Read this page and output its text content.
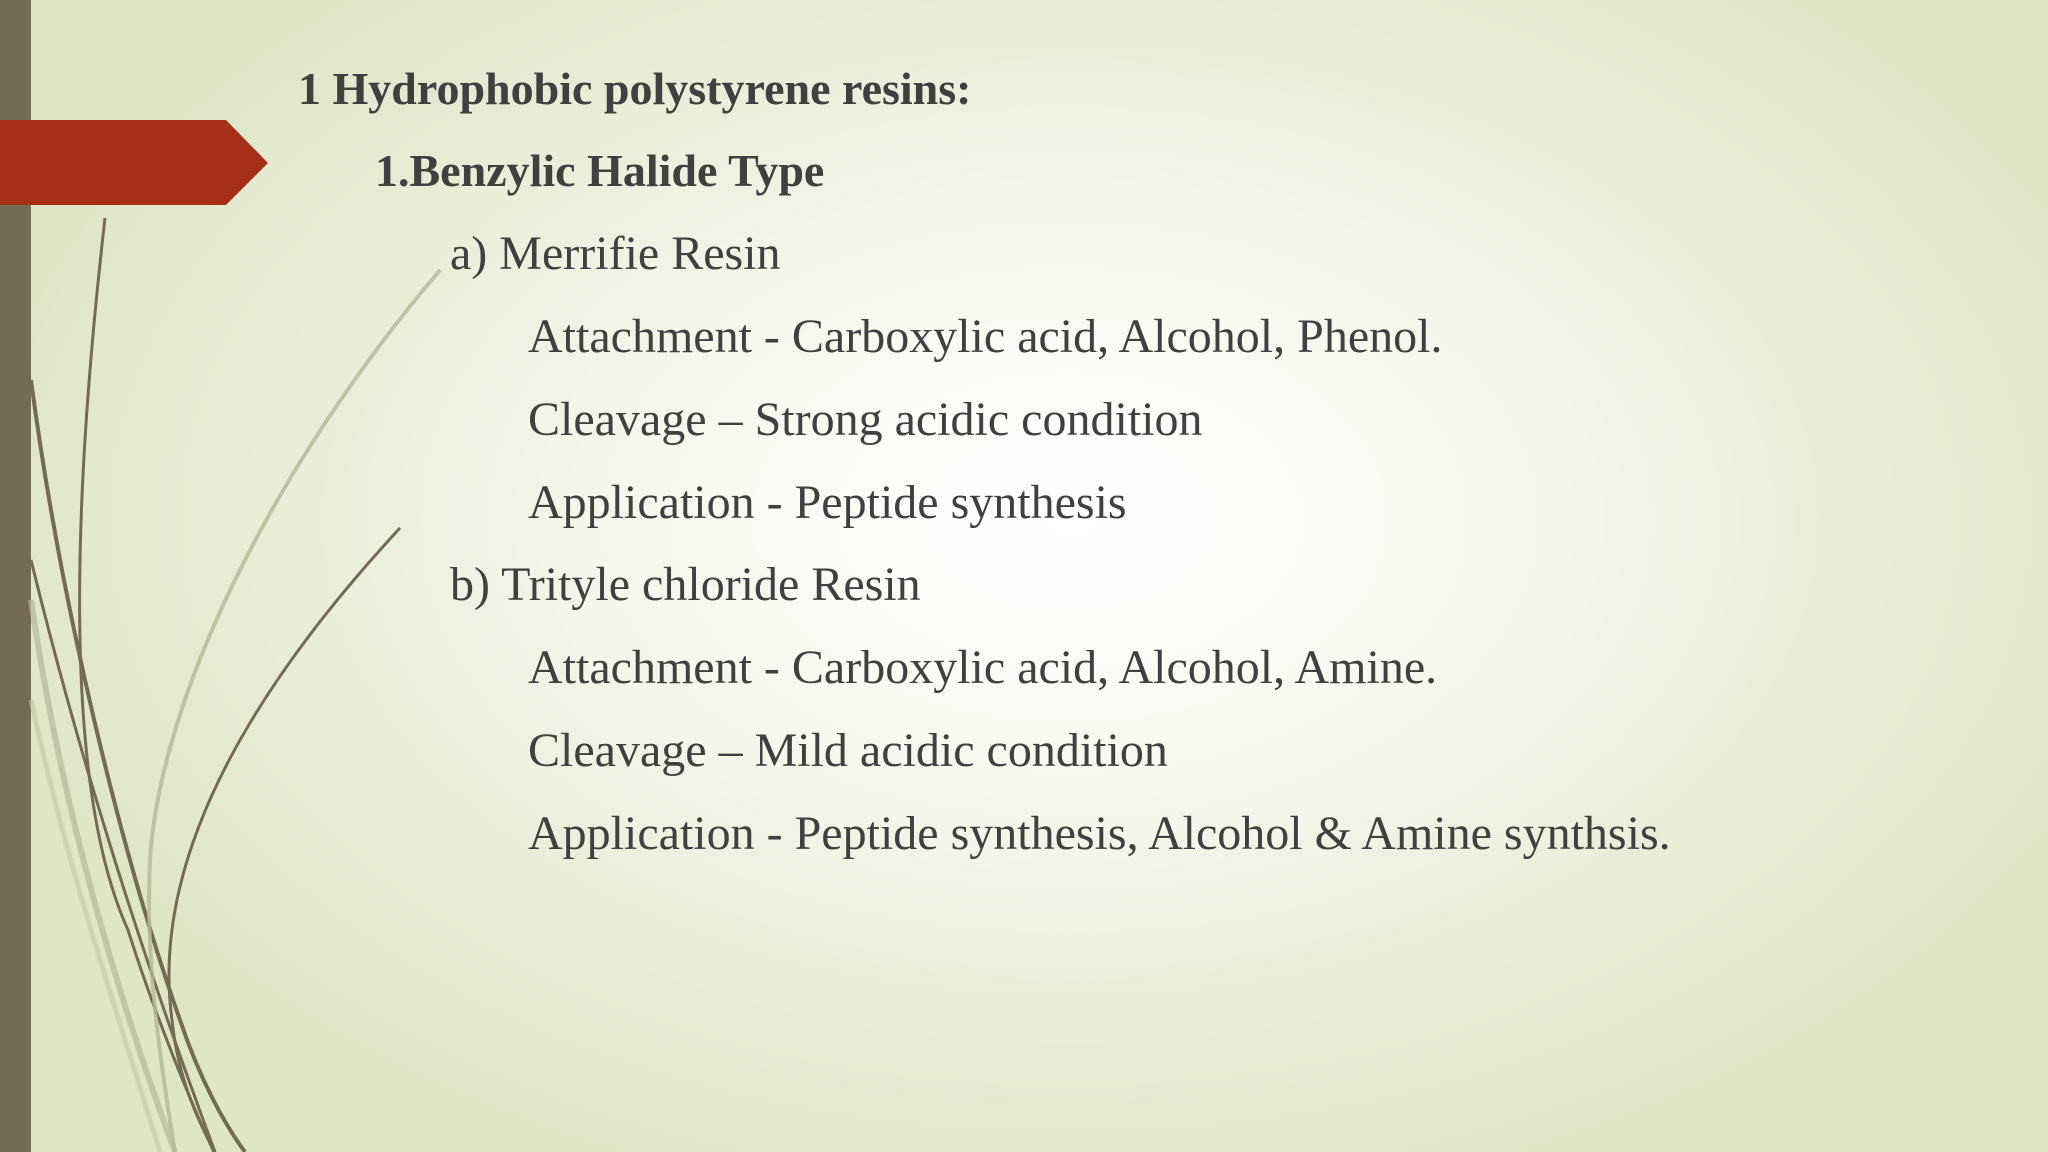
1 Hydrophobic polystyrene resins:
1.Benzylic Halide Type
a) Merrifie Resin
Attachment - Carboxylic acid, Alcohol, Phenol.
Cleavage – Strong acidic condition
Application - Peptide synthesis
b) Trityle chloride Resin
Attachment - Carboxylic acid, Alcohol, Amine.
Cleavage – Mild acidic condition
Application - Peptide synthesis, Alcohol & Amine synthsis.
